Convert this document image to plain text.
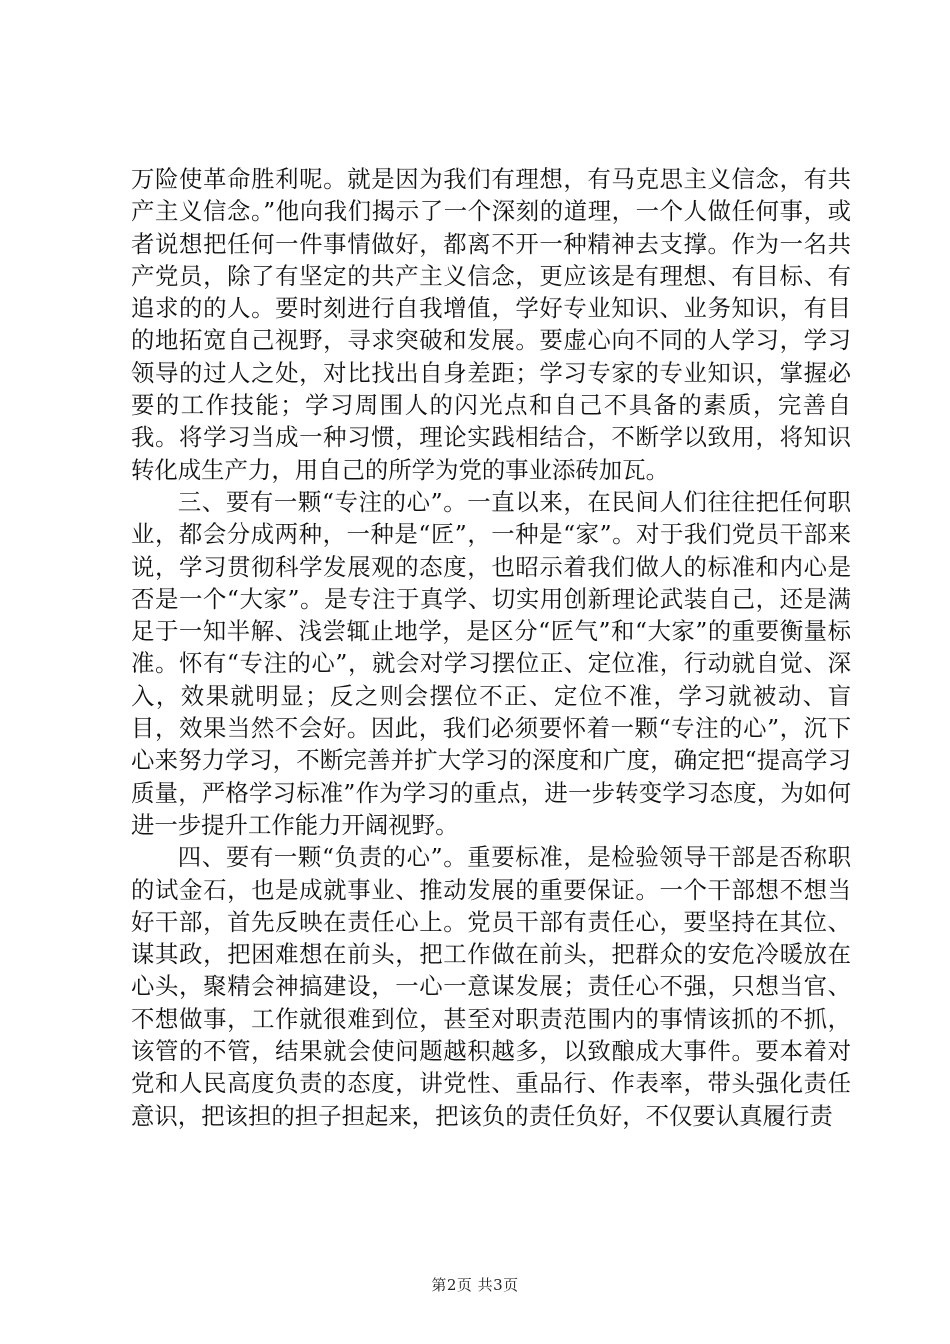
万险使革命胜利呢。就是因为我们有理想，有马克思主义信念，有共产主义信念。”他向我们揭示了一个深刻的道理，一个人做任何事，或者说想把任何一件事情做好，都离不开一种精神去支撑。作为一名共产党员，除了有坚定的共产主义信念，更应该是有理想、有目标、有追求的的人。要时刻进行自我增值，学好专业知识、业务知识，有目的地拓宽自己视野，寻求突破和发展。要虚心向不同的人学习，学习领导的过人之处，对比找出自身差距；学习专家的专业知识，掌握必要的工作技能；学习周围人的闪光点和自己不具备的素质，完善自我。将学习当成一种习惯，理论实践相结合，不断学以致用，将知识转化成生产力，用自己的所学为党的事业添砖加瓦。

三、要有一颗“专注的心”。一直以来，在民间人们往往把任何职业，都会分成两种，一种是“匠”，一种是“家”。对于我们党员干部来说，学习贯彻科学发展观的态度，也昭示着我们做人的标准和内心是否是一个“大家”。是专注于真学、切实用创新理论武装自己，还是满足于一知半解、浅尝辄止地学，是区分“匠气”和“大家”的重要衡量标准。怀有“专注的心”，就会对学习摆位正、定位准，行动就自觉、深入，效果就明显；反之则会摆位不正、定位不准，学习就被动、盲目，效果当然不会好。因此，我们必须要怀着一颗“专注的心”，沉下心来努力学习，不断完善并扩大学习的深度和广度，确定把“提高学习质量，严格学习标准”作为学习的重点，进一步转变学习态度，为如何进一步提升工作能力开阔视野。

四、要有一颗“负责的心”。重要标准，是检验领导干部是否称职的试金石，也是成就事业、推动发展的重要保证。一个干部想不想当好干部，首先反映在责任心上。党员干部有责任心，要坚持在其位、谋其政，把困难想在前头，把工作做在前头，把群众的安危冷暖放在心头，聚精会神搞建设，一心一意谋发展；责任心不强，只想当官、不想做事，工作就很难到位，甚至对职责范围内的事情该抓的不抓，该管的不管，结果就会使问题越积越多，以致酿成大事件。要本着对党和人民高度负责的态度，讲党性、重品行、作表率，带头强化责任意识，把该担的担子担起来，把该负的责任负好，不仅要认真履行责

第2页 共3页
